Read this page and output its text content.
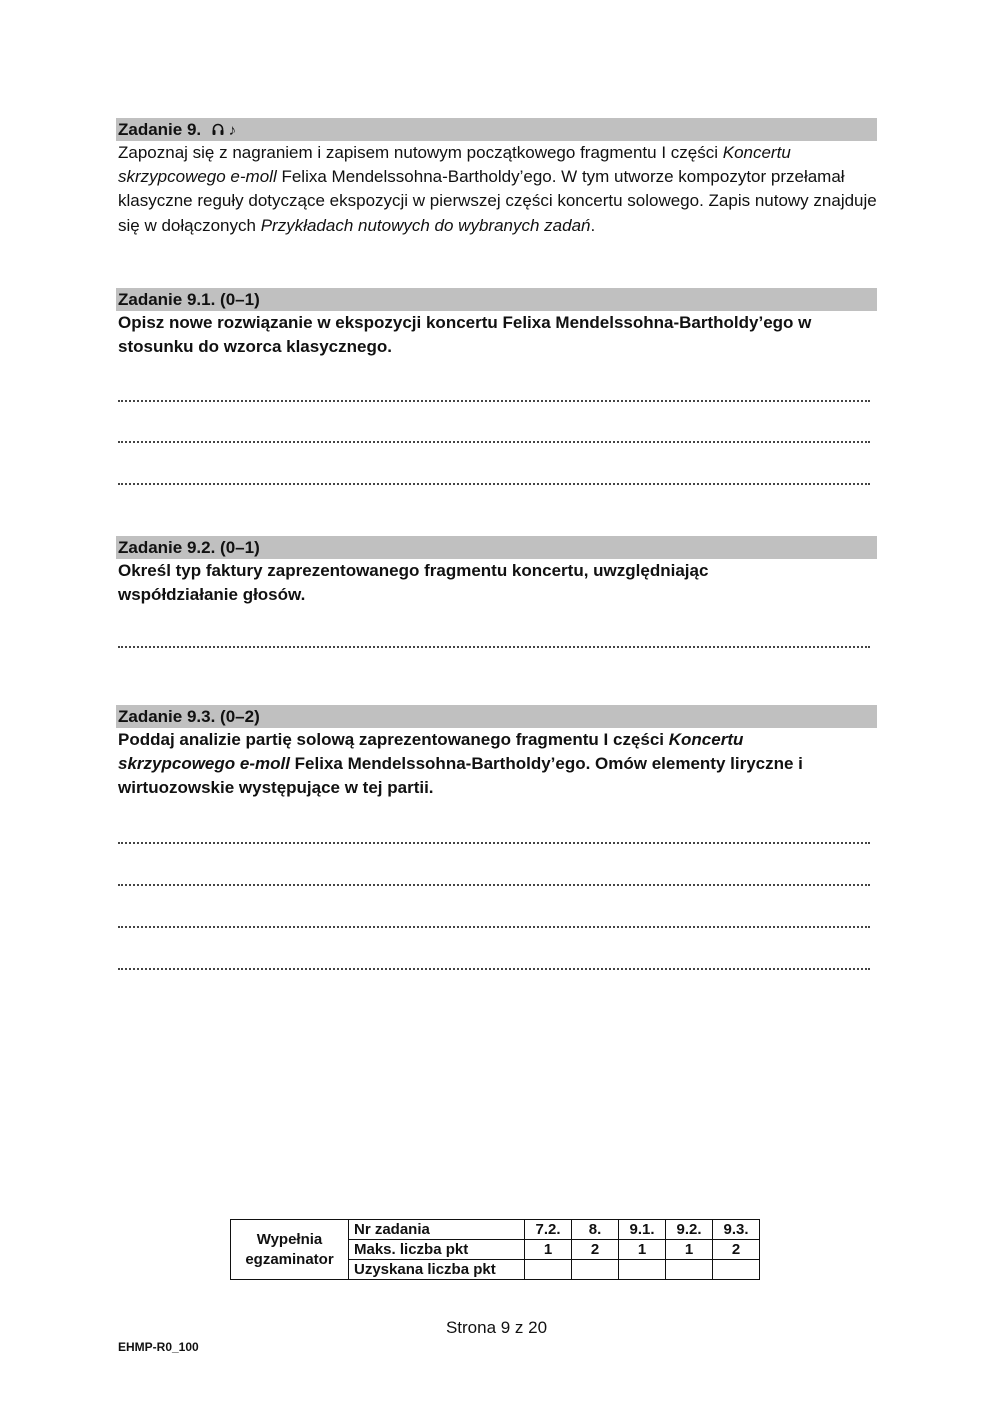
Zadanie 9. ♪
Zapoznaj się z nagraniem i zapisem nutowym początkowego fragmentu I części Koncertu skrzypcowego e-moll Felixa Mendelssohna-Bartholdy’ego. W tym utworze kompozytor przełamał klasyczne reguły dotyczące ekspozycji w pierwszej części koncertu solowego. Zapis nutowy znajduje się w dołączonych Przykładach nutowych do wybranych zadań.
Zadanie 9.1. (0–1)
Opisz nowe rozwiązanie w ekspozycji koncertu Felixa Mendelssohna-Bartholdy’ego w stosunku do wzorca klasycznego.
Zadanie 9.2. (0–1)
Określ typ faktury zaprezentowanego fragmentu koncertu, uwzględniając współdziałanie głosów.
Zadanie 9.3. (0–2)
Poddaj analizie partię solową zaprezentowanego fragmentu I części Koncertu skrzypcowego e-moll Felixa Mendelssohna-Bartholdy’ego. Omów elementy liryczne i wirtuozowskie występujące w tej partii.
Wypełnia egzaminator	Nr zadania	7.2.	8.	9.1.	9.2.	9.3.
	Maks. liczba pkt	1	2	1	1	2
	Uzyskana liczba pkt					
Strona 9 z 20
EHMP-R0_100
